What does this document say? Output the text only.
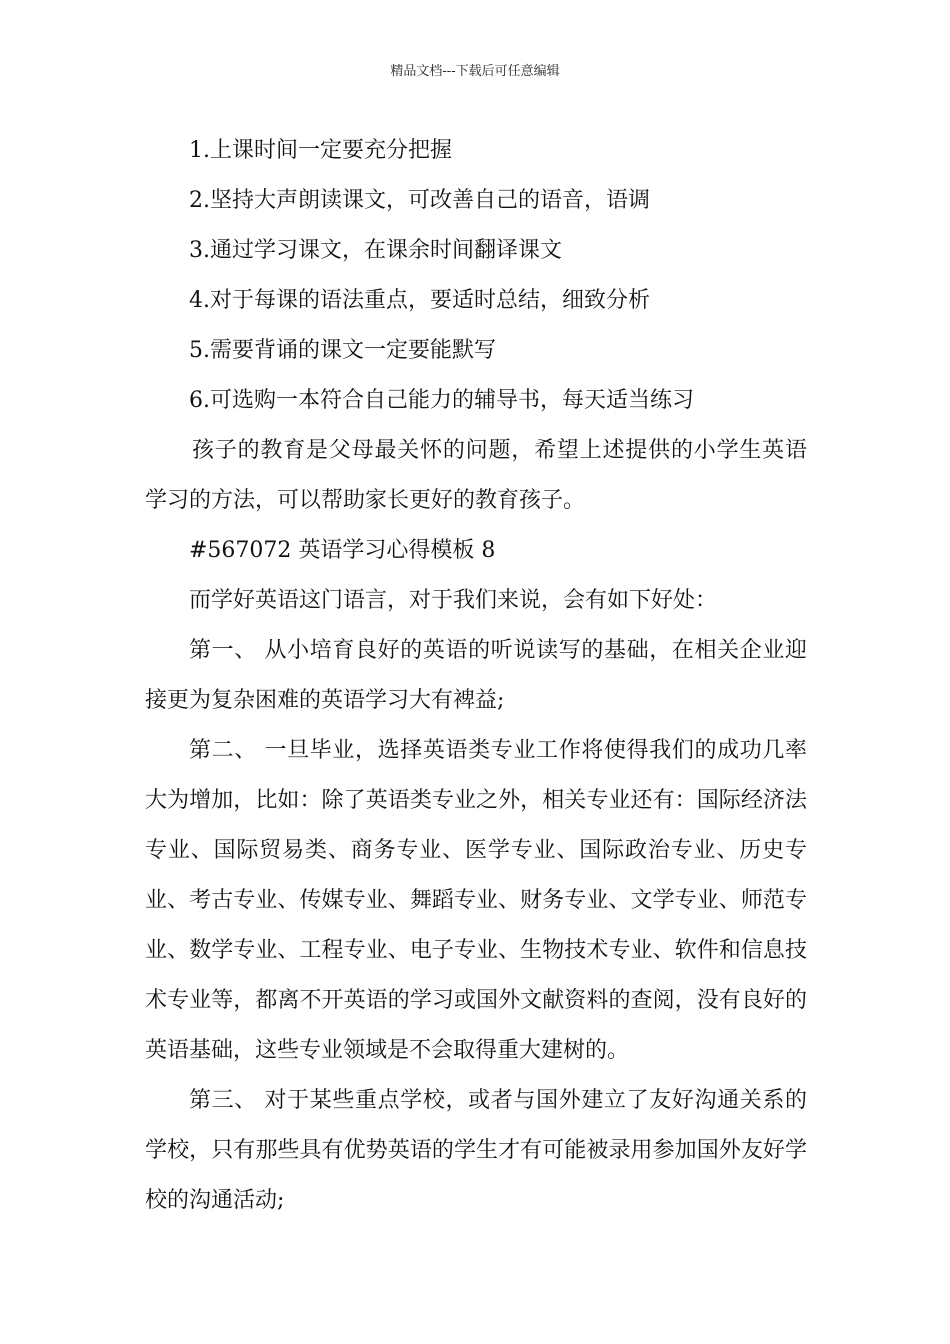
精品文档---下载后可任意编辑
1.上课时间一定要充分把握
2.坚持大声朗读课文，可改善自己的语音，语调
3.通过学习课文，在课余时间翻译课文
4.对于每课的语法重点，要适时总结，细致分析
5.需要背诵的课文一定要能默写
6.可选购一本符合自己能力的辅导书，每天适当练习
孩子的教育是父母最关怀的问题，希望上述提供的小学生英语学习的方法，可以帮助家长更好的教育孩子。
#567072 英语学习心得模板 8
而学好英语这门语言，对于我们来说，会有如下好处：
第一、 从小培育良好的英语的听说读写的基础，在相关企业迎接更为复杂困难的英语学习大有裨益;
第二、 一旦毕业，选择英语类专业工作将使得我们的成功几率大为增加，比如：除了英语类专业之外，相关专业还有：国际经济法专业、国际贸易类、商务专业、医学专业、国际政治专业、历史专业、考古专业、传媒专业、舞蹈专业、财务专业、文学专业、师范专业、数学专业、工程专业、电子专业、生物技术专业、软件和信息技术专业等，都离不开英语的学习或国外文献资料的查阅，没有良好的英语基础，这些专业领域是不会取得重大建树的。
第三、 对于某些重点学校，或者与国外建立了友好沟通关系的学校，只有那些具有优势英语的学生才有可能被录用参加国外友好学校的沟通活动;
